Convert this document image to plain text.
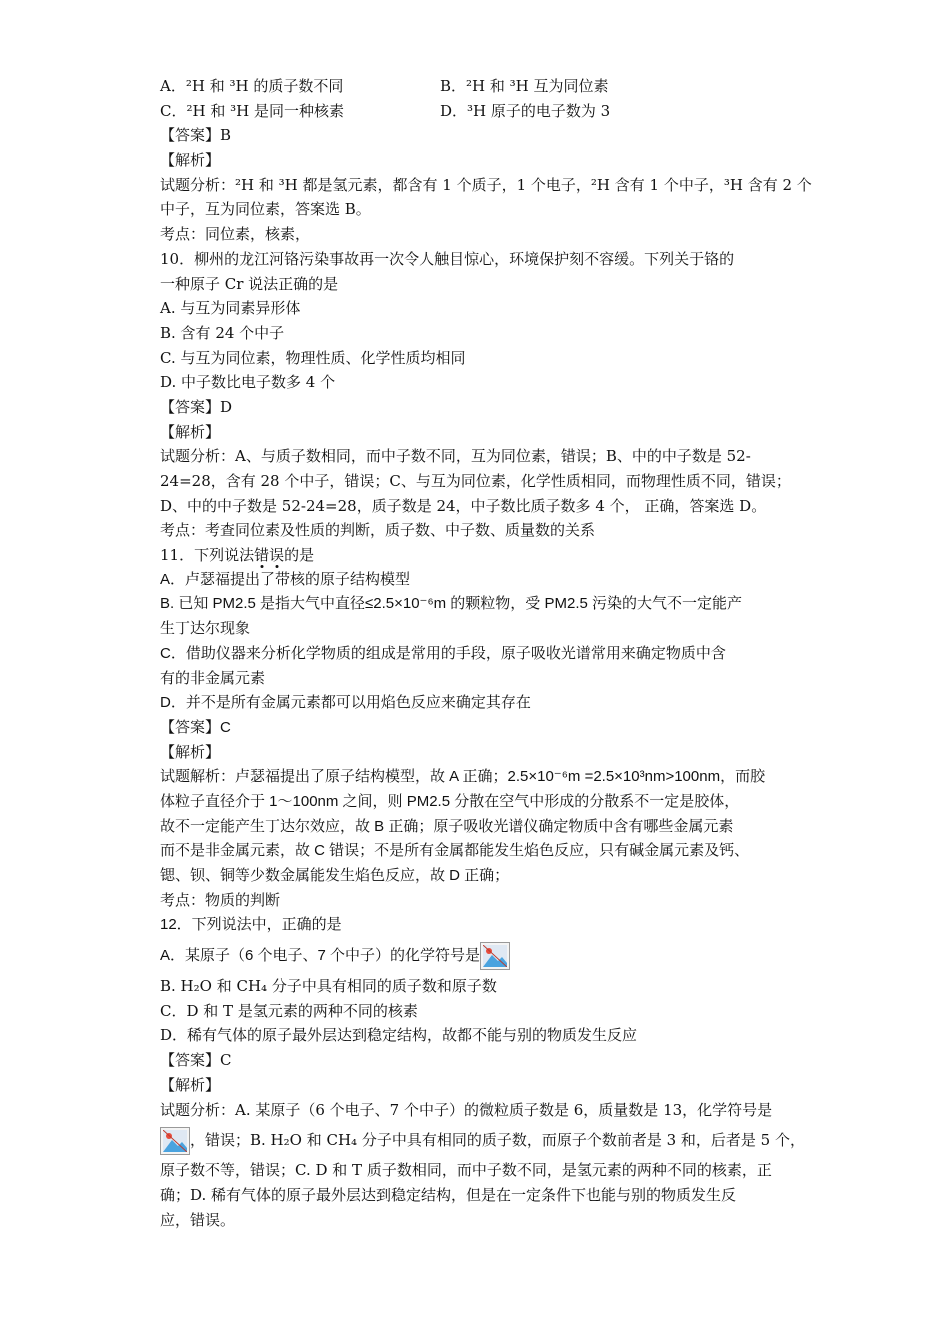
A．²H 和 ³H 的质子数不同	B．²H 和 ³H 互为同位素
C．²H 和 ³H 是同一种核素	D．³H 原子的电子数为 3
【答案】B
【解析】
试题分析：²H 和 ³H 都是氢元素，都含有 1 个质子，1 个电子，²H 含有 1 个中子，³H 含有 2 个
中子，互为同位素，答案选 B。
考点：同位素，核素，
10．柳州的龙江河铬污染事故再一次令人触目惊心，环境保护刻不容缓。下列关于铬的
一种原子 Cr 说法正确的是
A. 与互为同素异形体
B. 含有 24 个中子
C. 与互为同位素，物理性质、化学性质均相同
D. 中子数比电子数多 4 个
【答案】D
【解析】
试题分析：A、与质子数相同，而中子数不同，互为同位素，错误；B、中的中子数是 52-
24=28，含有 28 个中子，错误；C、与互为同位素，化学性质相同，而物理性质不同，错误；
D、中的中子数是 52-24=28，质子数是 24，中子数比质子数多 4 个， 正确，答案选 D。
考点：考查同位素及性质的判断，质子数、中子数、质量数的关系
11．下列说法错误的是
A．卢瑟福提出了带核的原子结构模型
B. 已知 PM2.5 是指大气中直径≤2.5×10⁻⁶m 的颗粒物，受 PM2.5 污染的大气不一定能产
生丁达尔现象
C．借助仪器来分析化学物质的组成是常用的手段，原子吸收光谱常用来确定物质中含
有的非金属元素
D．并不是所有金属元素都可以用焰色反应来确定其存在
【答案】C
【解析】
试题解析：卢瑟福提出了原子结构模型，故 A 正确；2.5×10⁻⁶m =2.5×10³nm>100nm，而胶
体粒子直径介于 1～100nm 之间，则 PM2.5 分散在空气中形成的分散系不一定是胶体，
故不一定能产生丁达尔效应，故 B 正确；原子吸收光谱仪确定物质中含有哪些金属元素
而不是非金属元素，故 C 错误；不是所有金属都能发生焰色反应，只有碱金属元素及钙、
锶、钡、铜等少数金属能发生焰色反应，故 D 正确；
考点：物质的判断
12．下列说法中，正确的是
A．某原子（6 个电子、7 个中子）的化学符号是
B. H₂O 和 CH₄ 分子中具有相同的质子数和原子数
C．D 和 T 是氢元素的两种不同的核素
D．稀有气体的原子最外层达到稳定结构，故都不能与别的物质发生反应
【答案】C
【解析】
试题分析：A. 某原子（6 个电子、7 个中子）的微粒质子数是 6，质量数是 13，化学符号是
，错误；B. H₂O 和 CH₄ 分子中具有相同的质子数，而原子个数前者是 3 和，后者是 5 个，
原子数不等，错误；C. D 和 T 质子数相同，而中子数不同，是氢元素的两种不同的核素，正
确；D. 稀有气体的原子最外层达到稳定结构，但是在一定条件下也能与别的物质发生反
应，错误。
